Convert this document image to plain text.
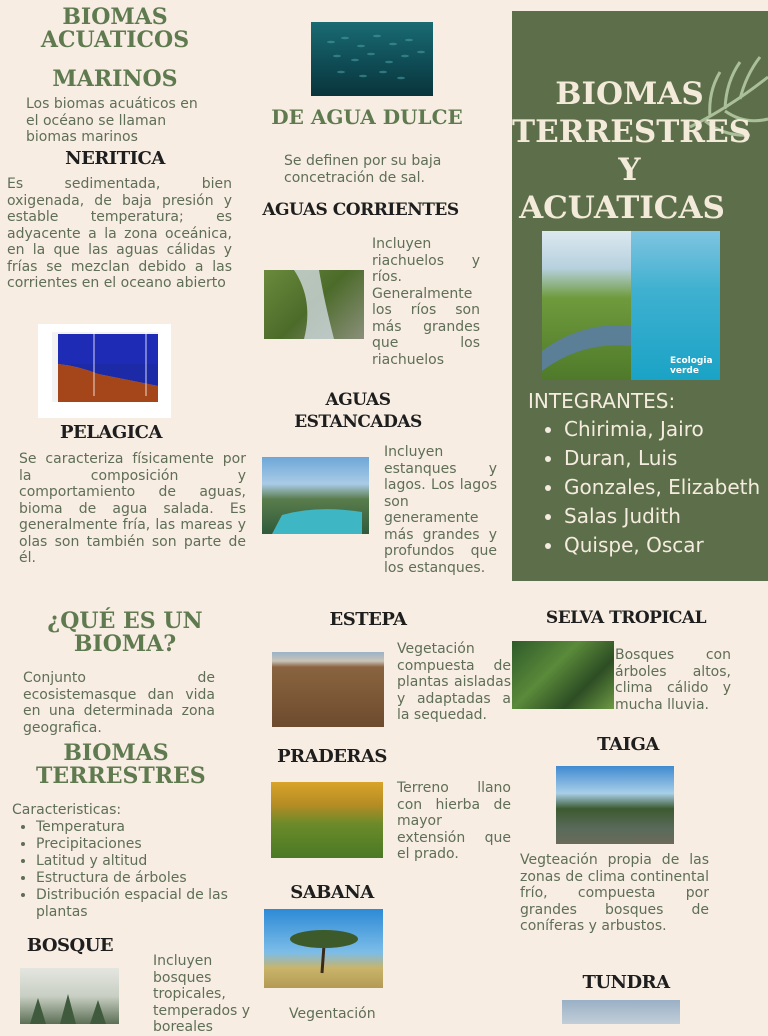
BIOMAS ACUATICOS
MARINOS
Los biomas acuáticos en el océano se llaman biomas marinos
NERITICA
Es sedimentada, bien oxigenada, de baja presión y estable temperatura; es adyacente a la zona oceánica, en la que las aguas cálidas y frías se mezclan debido a las corrientes en el oceano abierto
PELAGICA
Se caracteriza físicamente por la composición y comportamiento de aguas, bioma de agua salada. Es generalmente fría, las mareas y olas son también son parte de él.
DE AGUA DULCE
Se definen por su baja concetración de sal.
AGUAS CORRIENTES
Incluyen riachuelos y ríos. Generalmente los ríos son más grandes que los riachuelos
AGUAS ESTANCADAS
Incluyen estanques y lagos. Los lagos son generamente más grandes y profundos que los estanques.
BIOMAS
TERRESTRES
Y
ACUATICAS
Ecologia verde
INTEGRANTES:
• Chirimia, Jairo
• Duran, Luis
• Gonzales, Elizabeth
• Salas Judith
• Quispe, Oscar
¿QUÉ ES UN BIOMA?
Conjunto de ecosistemasque dan vida en una determinada zona geografica.
BIOMAS TERRESTRES
Caracteristicas:
• Temperatura
• Precipitaciones
• Latitud y altitud
• Estructura de árboles
• Distribución espacial de las plantas
BOSQUE
Incluyen bosques tropicales, temperados y boreales
ESTEPA
Vegetación compuesta de plantas aisladas y adaptadas a la sequedad.
PRADERAS
Terreno llano con hierba de mayor extensión que el prado.
SABANA
Vegentación
SELVA TROPICAL
Bosques con árboles altos, clima cálido y mucha lluvia.
TAIGA
Vegteación propia de las zonas de clima continental frío, compuesta por grandes bosques de coníferas y arbustos.
TUNDRA
